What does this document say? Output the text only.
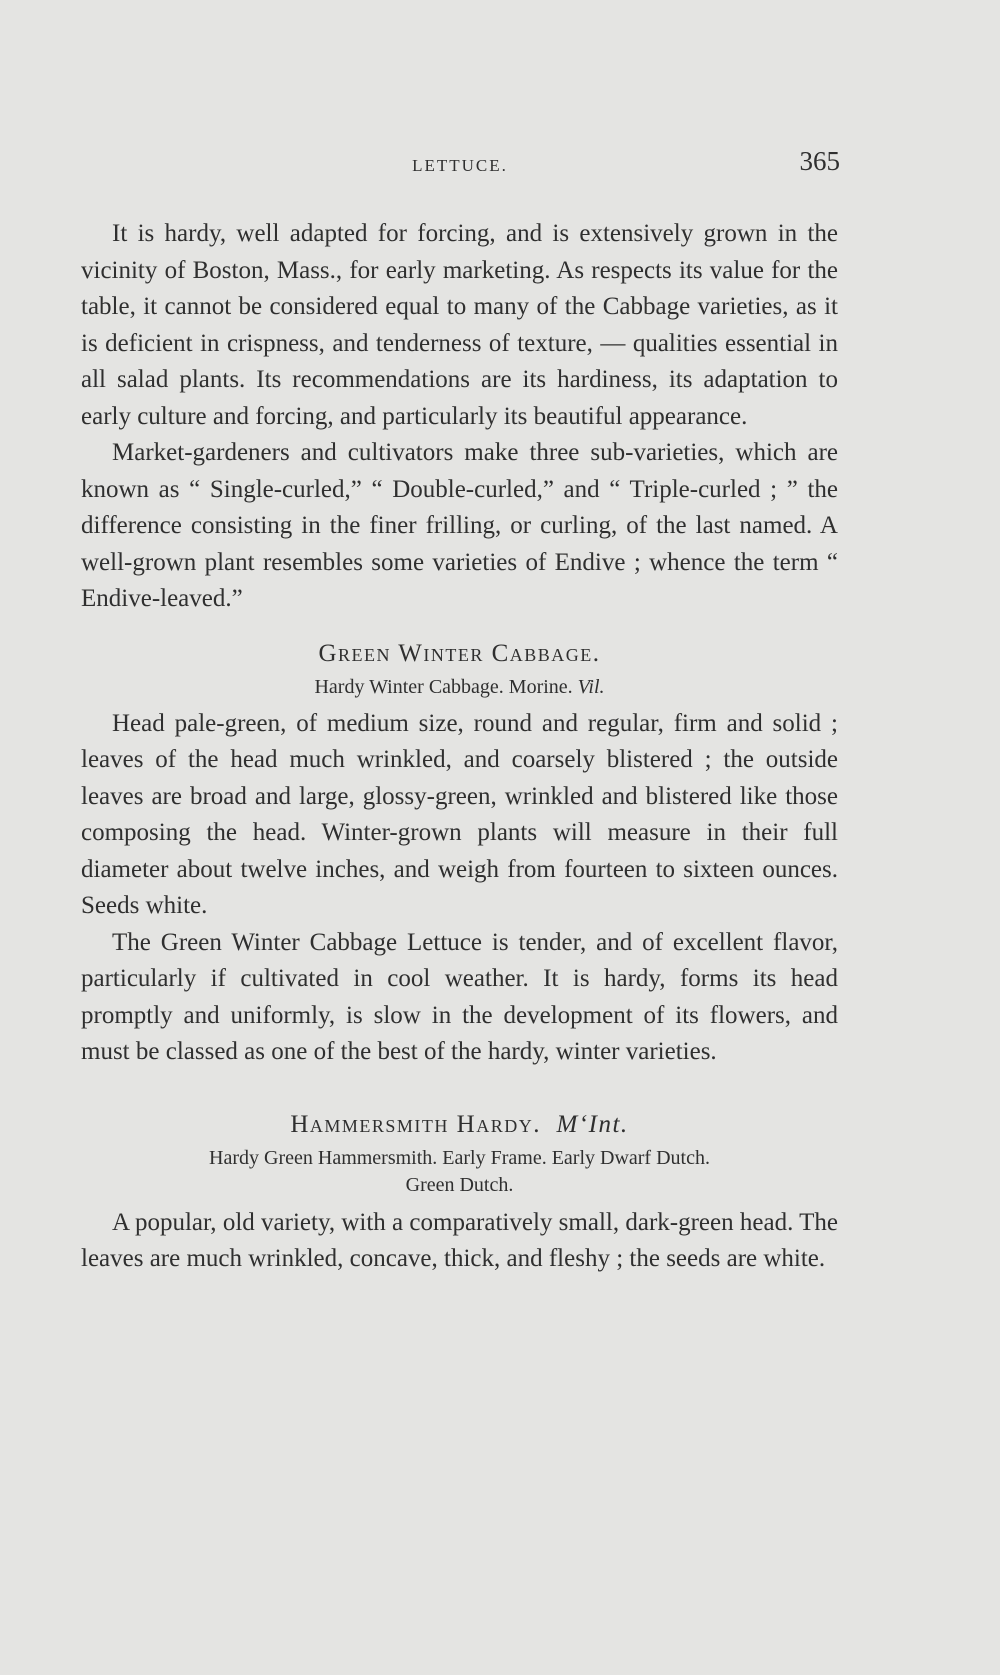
LETTUCE.	365

It is hardy, well adapted for forcing, and is extensively grown in the vicinity of Boston, Mass., for early marketing. As respects its value for the table, it cannot be considered equal to many of the Cabbage varieties, as it is deficient in crispness, and tenderness of texture, — qualities essential in all salad plants. Its recommendations are its hardiness, its adaptation to early culture and forcing, and particularly its beautiful appearance.

Market-gardeners and cultivators make three sub-varieties, which are known as “ Single-curled,” “ Double-curled,” and “ Triple-curled ; ” the difference consisting in the finer frilling, or curling, of the last named. A well-grown plant resembles some varieties of Endive ; whence the term “ Endive-leaved.”

Green Winter Cabbage.
Hardy Winter Cabbage. Morine. Vil.

Head pale-green, of medium size, round and regular, firm and solid ; leaves of the head much wrinkled, and coarsely blistered ; the outside leaves are broad and large, glossy-green, wrinkled and blistered like those composing the head. Winter-grown plants will measure in their full diameter about twelve inches, and weigh from fourteen to sixteen ounces. Seeds white.

The Green Winter Cabbage Lettuce is tender, and of excellent flavor, particularly if cultivated in cool weather. It is hardy, forms its head promptly and uniformly, is slow in the development of its flowers, and must be classed as one of the best of the hardy, winter varieties.

Hammersmith Hardy. M‘Int.
Hardy Green Hammersmith. Early Frame. Early Dwarf Dutch.
Green Dutch.

A popular, old variety, with a comparatively small, dark-green head. The leaves are much wrinkled, concave, thick, and fleshy ; the seeds are white.
